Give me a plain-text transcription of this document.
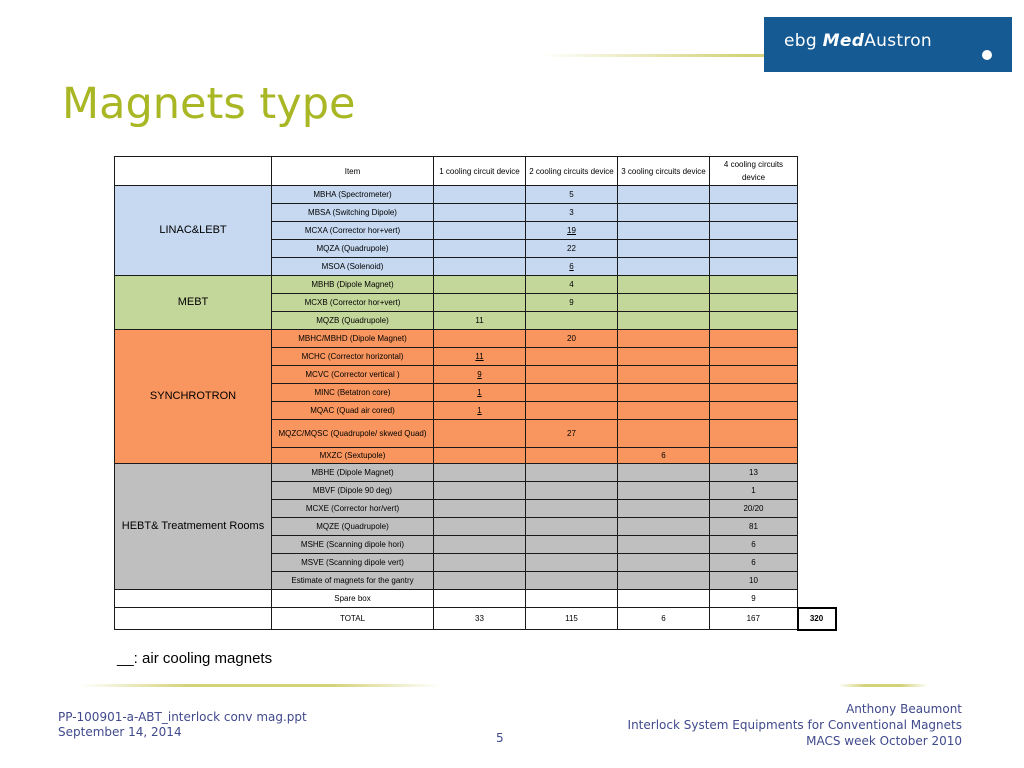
ebg MedAustron
Magnets type
	Item	1 cooling circuit device	2 cooling circuits device	3 cooling circuits device	4 cooling circuits device	
LINAC&LEBT	MBHA (Spectrometer)		5			
	MBSA (Switching Dipole)		3			
	MCXA (Corrector hor+vert)		19			
	MQZA (Quadrupole)		22			
	MSOA (Solenoid)		6			
MEBT	MBHB (Dipole Magnet)		4			
	MCXB (Corrector hor+vert)		9			
	MQZB (Quadrupole)	11				
SYNCHROTRON	MBHC/MBHD (Dipole Magnet)		20			
	MCHC (Corrector horizontal)	11				
	MCVC (Corrector vertical )	9				
	MINC (Betatron core)	1				
	MQAC (Quad air cored)	1				
	MQZC/MQSC (Quadrupole/ skwed Quad)		27			
	MXZC (Sextupole)			6		
HEBT& Treatmement Rooms	MBHE (Dipole Magnet)				13	
	MBVF (Dipole 90 deg)				1	
	MCXE (Corrector hor/vert)				20/20	
	MQZE (Quadrupole)				81	
	MSHE (Scanning dipole hori)				6	
	MSVE (Scanning dipole vert)				6	
	Estimate of magnets for the gantry				10	
	Spare box				9	
	TOTAL	33	115	6	167	320
__: air cooling magnets
PP-100901-a-ABT_interlock conv mag.ppt
September 14, 2014	5
Anthony Beaumont
Interlock System Equipments for Conventional Magnets
MACS week October 2010
